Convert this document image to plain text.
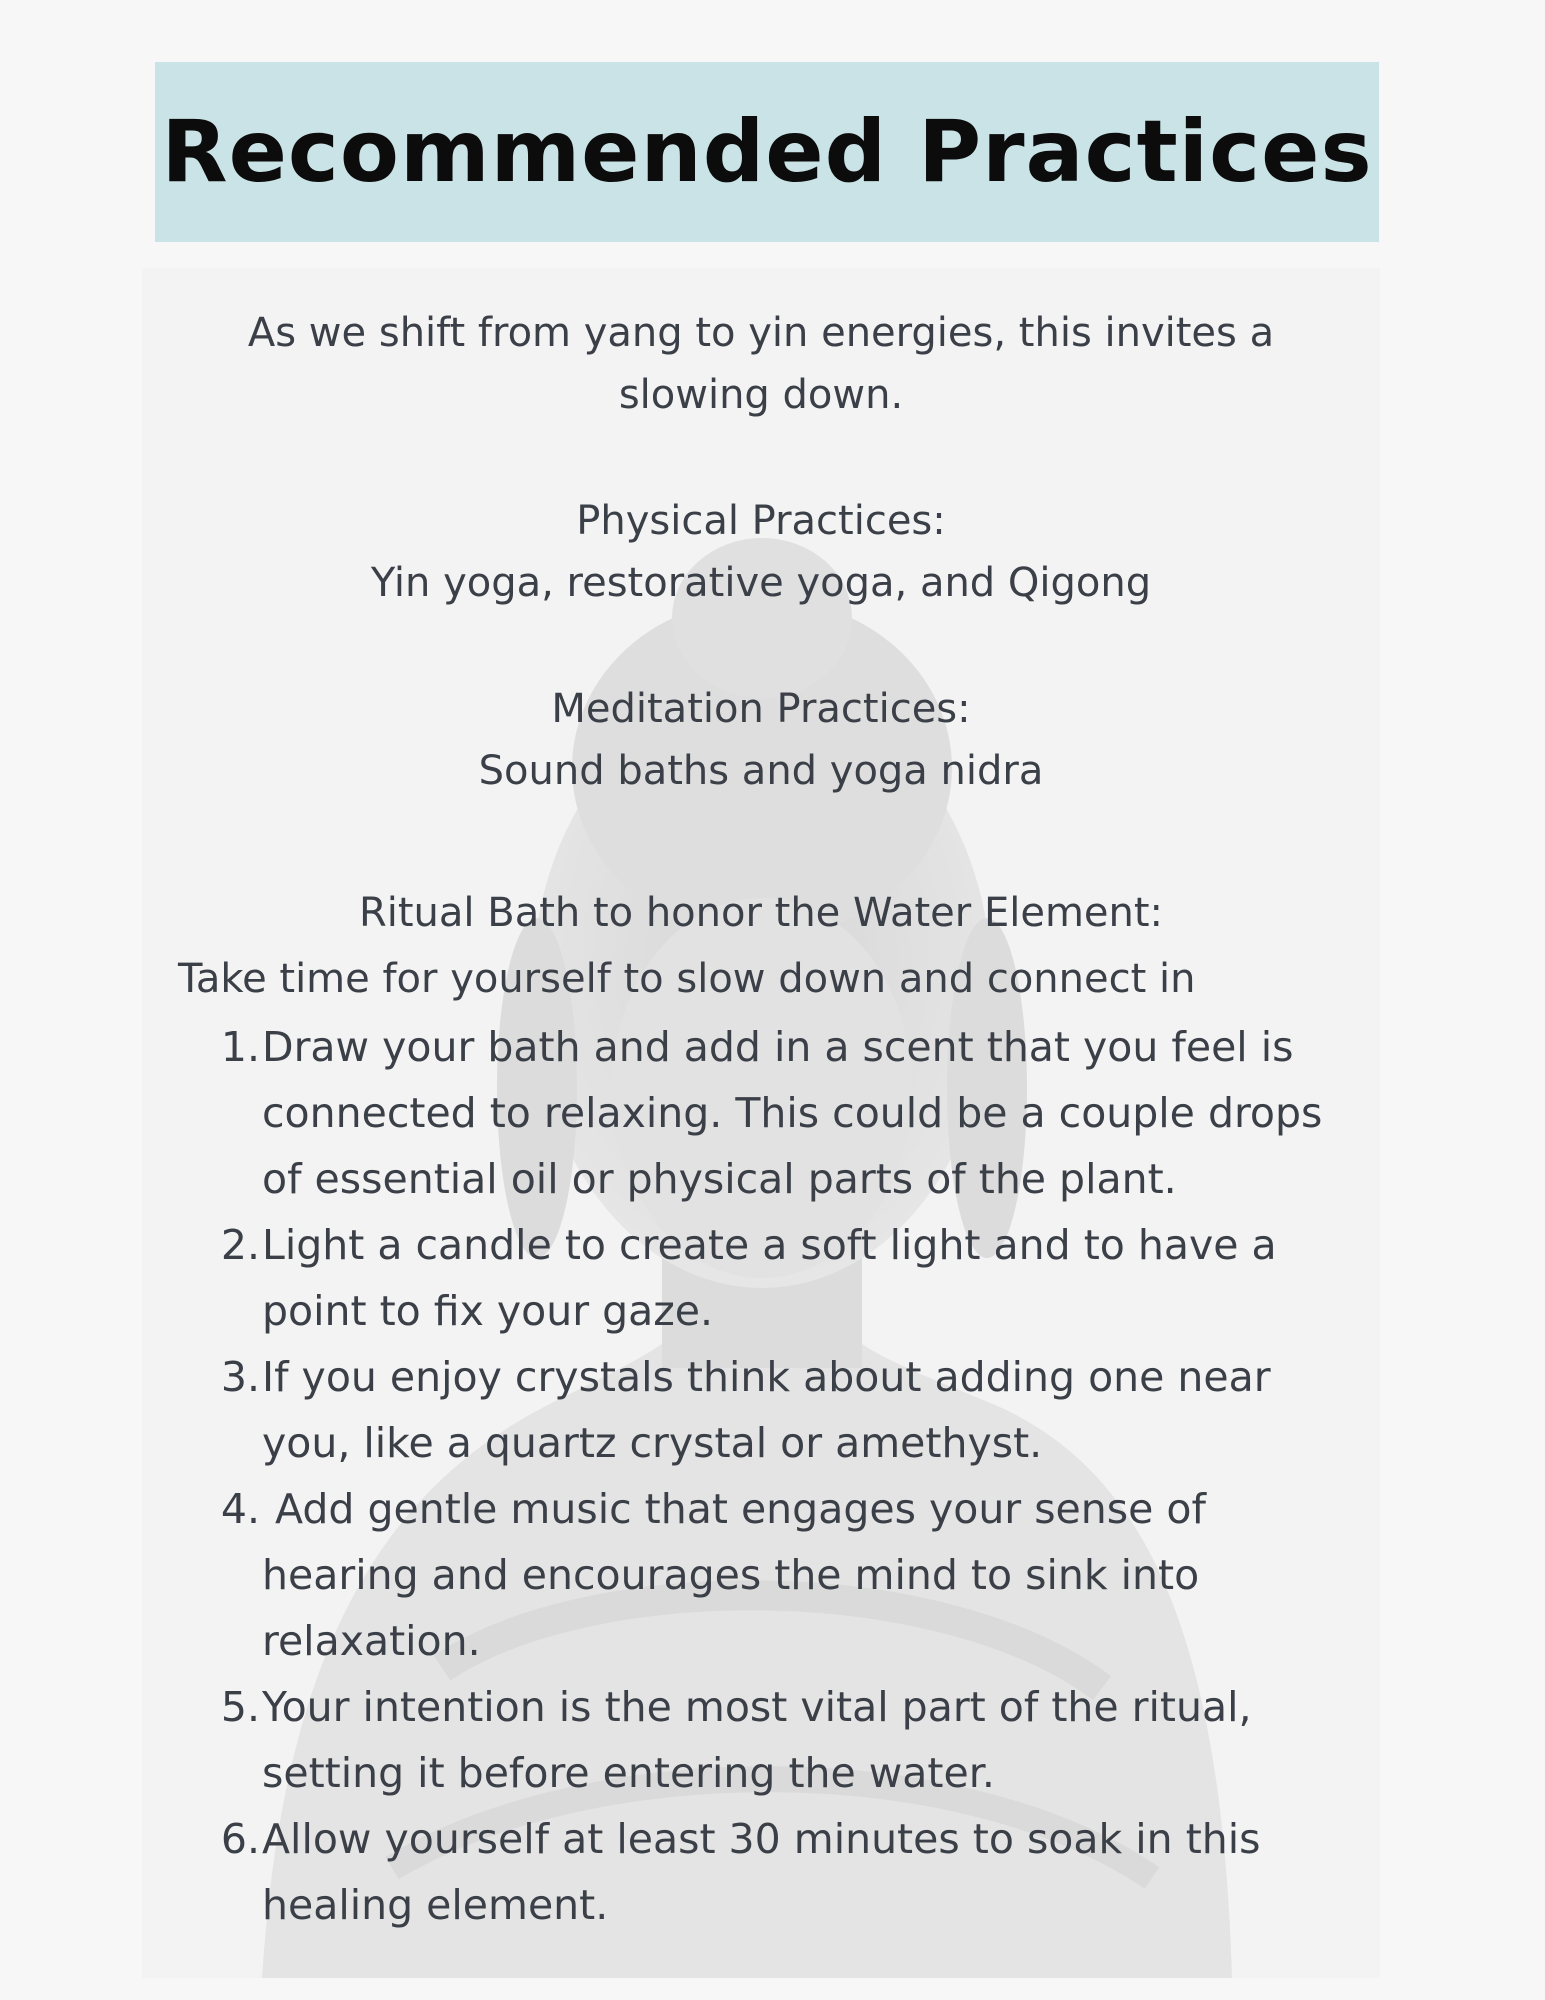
Recommended Practices

As we shift from yang to yin energies, this invites a slowing down.

Physical Practices:

Yin yoga, restorative yoga, and Qigong

Meditation Practices:

Sound baths and yoga nidra

Ritual Bath to honor the Water Element:

Take time for yourself to slow down and connect in

1. Draw your bath and add in a scent that you feel is connected to relaxing. This could be a couple drops of essential oil or physical parts of the plant.
2. Light a candle to create a soft light and to have a point to fix your gaze.
3. If you enjoy crystals think about adding one near you, like a quartz crystal or amethyst.
4. Add gentle music that engages your sense of hearing and encourages the mind to sink into relaxation.
5. Your intention is the most vital part of the ritual, setting it before entering the water.
6. Allow yourself at least 30 minutes to soak in this healing element.
